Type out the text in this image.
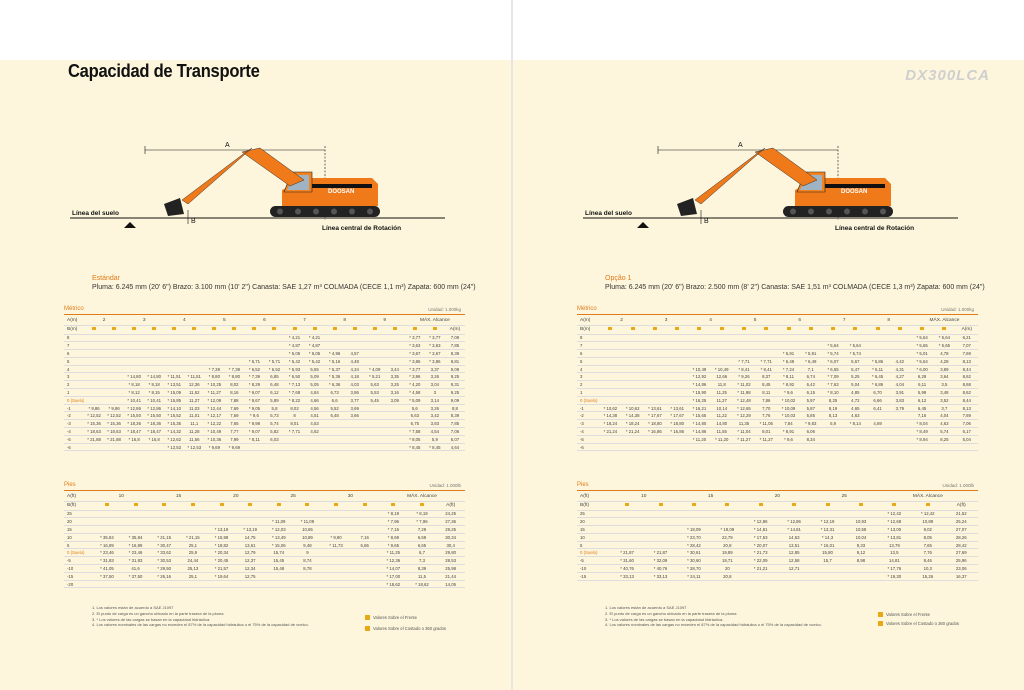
Capacidad de Transporte
DOOSAN
A
B
Línea del suelo
Línea central de Rotación
Estándar
Pluma: 6.245 mm (20' 6") Brazo: 3.100 mm (10' 2") Canasta: SAE 1,27 m³ COLMADA (CECE 1,1 m³) Zapata: 600 mm (24")
Métrico	Unidad: 1.000kg
A(m)	2		3		4		5		6		7		8		9		MÁX. Alcance		
B(m)																			A(m)
8											* 4,21	* 4,21					* 3,77	* 3,77	7,09
7											* 4,87	* 4,87					* 3,63	* 3,63	7,85
6											* 5,05	* 5,05	* 4,96	4,57			* 3,67	* 3,67	8,39
5									* 5,71	* 5,71	* 5,42	* 5,42	* 5,16	4,48			* 3,86	* 3,86	8,81
4							* 7,39	* 7,39	* 6,52	* 6,52	* 5,93	5,55	* 5,37	4,34	* 4,09	3,44	* 3,77	3,37	9,09
3			* 14,80	* 14,80	* 11,51	* 11,51	* 8,80	* 8,80	* 7,39	6,85	* 6,50	5,09	* 5,36	4,18	* 5,21	3,35	* 3,96	3,26	9,25
2			* 8,18	* 8,18	* 13,51	12,36	* 10,25	8,02	* 8,29	6,48	* 7,13	5,05	* 6,36	4,03	5,63	3,25	* 4,20	3,04	9,31
1			* 8,12	* 8,15	* 15,09	11,52	* 11,27	8,16	* 9,07	6,12	* 7,68	4,84	6,73	3,86	5,53	3,16	* 4,58	3	9,25
0 (Suelo)			* 10,41	* 10,41	* 15,85	11,27	* 12,09	7,88	* 9,67	5,89	* 8,22	4,66	6,6	3,77	5,45	3,09	* 5,09	3,14	9,09
-1	* 9,86	* 9,86	* 12,86	* 12,86	* 14,10	11,03	* 12,44	7,69	* 9,05	5,8	8,02	4,56	5,52	3,69			5,6	3,26	8,8
-2	* 12,52	* 12,52	* 15,50	* 15,50	* 15,52	11,01	* 12,17	7,69	* 9,6	5,73	8	4,51	6,48	3,66			6,63	3,42	8,39
-3	* 15,36	* 15,36	* 18,36	* 18,36	* 15,35	11,1	* 12,22	7,65	* 9,98	5,74	8,01	4,53					6,75	3,83	7,85
-4	* 18,63	* 18,63	* 18,47	* 18,47	* 14,32	11,28	* 10,49	7,77	* 9,07	5,82	* 7,71	4,62					* 7,58	4,54	7,06
-5	* 21,88	* 21,88	* 16,8	* 16,8	* 12,62	11,56	* 10,36	7,99	* 8,11	6,03							* 8,05	5,9	6,07
-6					* 12,53	* 12,53	* 9,69	* 9,69									* 8,45	* 8,45	4,64
Pies	Unidad: 1.000lb
A(ft)	10		15		20		25		30		MÁX. Alcance		
B(ft)													A(ft)
25											* 8,19	* 8,19	24,25
20							* 11,09	* 11,09			* 7,96	* 7,96	27,36
15					* 13,19	* 13,19	* 12,03	10,65			* 7,16	7,29	29,25
10	* 35,84	* 35,84	* 21,15	* 21,15	* 15,98	14,75	* 13,49	10,89	* 9,90	7,16	* 8,69	6,59	30,34
5	* 16,89	* 16,89	* 30,47	25,1	* 18,82	13,61	* 15,06	9,48	* 11,73	6,86	* 9,65	6,65	30,4
0 (Suelo)	* 23,46	* 23,46	* 33,62	25,9	* 20,34	12,79	15,74	9			* 11,25	6,7	29,80
-5	* 31,83	* 31,83	* 30,53	24,44	* 20,45	12,37	15,45	8,74			* 12,36	7,3	28,53
-10	* 41,05	41,6	* 29,50	25,13	* 21,57	12,34	15,48	8,78			* 14,07	8,39	25,98
-15	* 37,50	* 37,50	* 26,16	25,1	* 19,64	12,75					* 17,00	11,5	21,44
-20											* 18,62	* 18,62	14,05
1. Los valores están de acuerdo a SAE J1097
2. El punto de carga es un gancho ubicado en la parte trasera de la pluma
3. * Los valores de las cargas se basan en la capacidad hidráulica.
4. Los valores nominales de las cargas no exceden el 87% de la capacidad hidráulica o el 75% de la capacidad de vuelco.
Valores Sobre el Frente
Valores Sobre el Costado o 360 grados
DX300LCA
DOOSAN
A
B
Línea del suelo
Línea central de Rotación
Opção 1
Pluma: 6.245 mm (20' 6") Brazo: 2.500 mm (8' 2") Canasta: SAE 1,51 m³ COLMADA (CECE 1,3 m³) Zapata: 600 mm (24")
Métrico	Unidad: 1.000kg
A(m)	2		3		4		5		6		7		8		MÁX. Alcance		
B(m)																	A(m)
8															* 5,64	* 5,64	6,21
7											* 5,64	* 5,64			* 5,65	* 5,65	7,07
6									* 5,91	* 5,91	* 5,74	* 5,74			* 5,01	4,78	7,69
5							* 7,71	* 7,71	* 6,49	* 6,49	* 6,07	5,67	* 5,86	4,42	* 5,64	4,28	8,13
4					* 10,49	* 10,49	* 8,41	* 8,41	* 7,24	7,1	* 6,55	5,47	* 6,11	4,31	* 6,00	3,89	8,44
3					* 12,92	12,66	* 9,26	8,37	* 8,11	6,74	* 7,09	5,25	* 6,45	4,27	6,28	3,64	8,62
2					* 14,86	11,8	* 11,02	8,45	* 8,92	6,42	* 7,63	5,04	* 6,86	4,04	6,11	3,5	8,68
1					* 15,90	11,25	* 11,98	8,11	* 9,6	6,15	* 8,10	4,85	6,70	3,91	5,99	3,48	8,62
0 (Suelo)					* 16,25	11,27	* 12,48	7,86	* 10,02	5,97	8,25	4,72	6,66	3,83	6,12	3,52	8,44
-1	* 10,62	* 10,62	* 13,61	* 13,61	* 16,21	10,14	* 12,65	7,70	* 10,09	5,87	8,19	4,65	6,41	3,79	6,45	3,7	8,13
-2	* 14,38	* 14,38	* 17,67	* 17,67	* 15,65	11,22	* 12,29	7,76	* 10,03	5,85	8,13	4,63			7,16	4,04	7,69
-3	* 18,24	* 18,24	* 18,80	* 18,80	* 14,80	14,80	11,35	* 11,05	7,84	* 9,83	5,9	* 8,14	4,69		* 8,04	4,63	7,06
-4	* 21,24	* 21,24	* 16,86	* 16,86	* 14,86	11,55	* 11,04	8,01	* 8,91	6,06					* 8,49	5,74	6,17
-5					* 11,20	* 11,20	* 11,27	* 11,27	* 9,6	8,34					* 8,94	8,25	5,04
-6																	
Pies	Unidad: 1.000lb
A(ft)	10		15		20		25		MÁX. Alcance		
B(ft)											A(ft)
25									* 12,42	* 12,42	21,52
20					* 12,86	* 12,86	* 12,19	10,93	* 12,68	10,89	25,24
15			* 18,09	* 18,09	* 14,81	* 14,81	* 13,31	10,58	* 13,00	9,02	27,07
10			* 23,70	22,79	* 17,53	14,53	* 14,3	10,04	* 13,81	8,05	28,26
5			* 28,42	20,8	* 20,07	13,51	* 16,01	9,33	13,79	7,65	28,42
0 (Suelo)	* 21,87	* 21,87	* 30,61	19,89	* 21,73	12,85	15,80	9,12	13,5	7,76	27,69
-5	* 31,60	* 32,09	* 30,60	19,71	* 22,09	12,58	15,7	8,98	14,81	8,46	25,96
-10	* 40,76	* 40,76	* 28,70	20	* 21,21	12,71			* 17,76	10,3	23,06
-15	* 33,13	* 33,13	* 24,11	20,8					* 19,30	15,26	16,37
1. Los valores están de acuerdo a SAE J1097
2. El punto de carga es un gancho ubicado en la parte trasera de la pluma
3. * Los valores de las cargas se basan en la capacidad hidráulica.
4. Los valores nominales de las cargas no exceden el 87% de la capacidad hidráulica o el 75% de la capacidad de vuelco.
Valores Sobre el Frente
Valores Sobre el Costado o 360 grados
